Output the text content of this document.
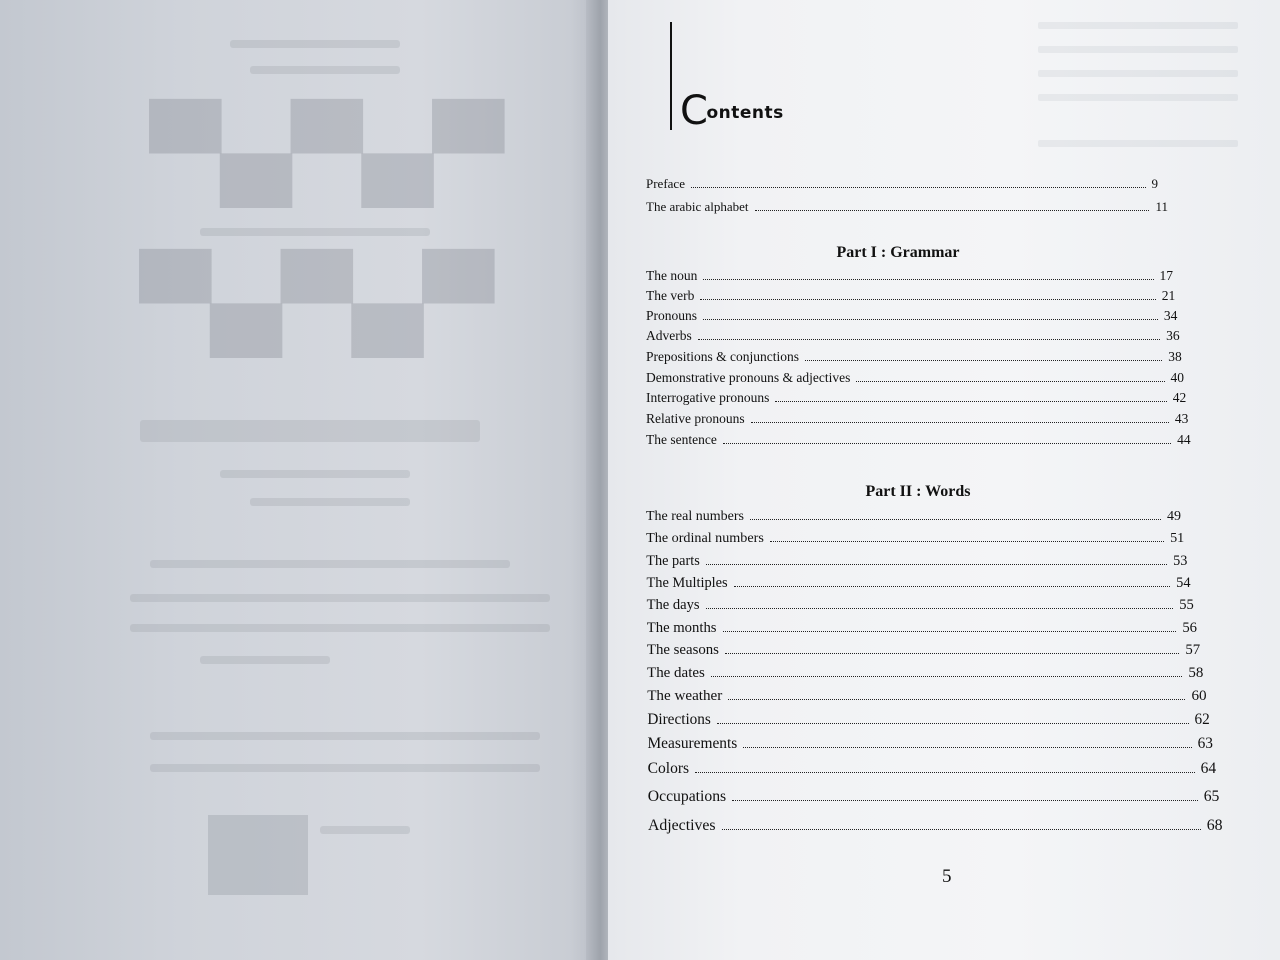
▀▄▀▄▀
▀▄▀▄▀
Contents
Preface	9
The arabic alphabet	11
Part I : Grammar
The noun	17
The verb	21
Pronouns	34
Adverbs	36
Prepositions & conjunctions	38
Demonstrative pronouns & adjectives	40
Interrogative pronouns	42
Relative pronouns	43
The sentence	44
Part II : Words
The real numbers	49
The ordinal numbers	51
The parts	53
The Multiples	54
The days	55
The months	56
The seasons	57
The dates	58
The weather	60
Directions	62
Measurements	63
Colors	64
Occupations	65
Adjectives	68
5
